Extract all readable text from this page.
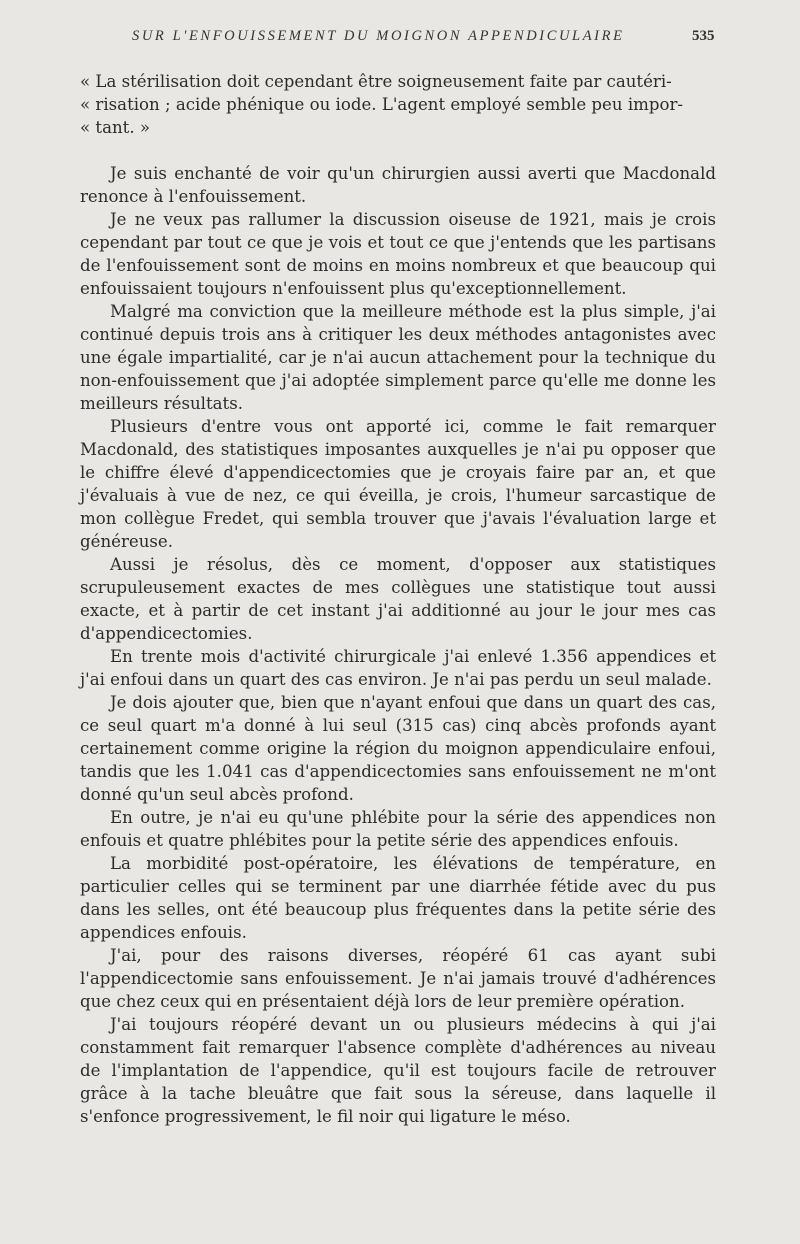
SUR L'ENFOUISSEMENT DU MOIGNON APPENDICULAIRE	535

« La stérilisation doit cependant être soigneusement faite par cautéri-
« risation ; acide phénique ou iode. L'agent employé semble peu impor-
« tant. »

Je suis enchanté de voir qu'un chirurgien aussi averti que Macdonald renonce à l'enfouissement.

Je ne veux pas rallumer la discussion oiseuse de 1921, mais je crois cependant par tout ce que je vois et tout ce que j'entends que les partisans de l'enfouissement sont de moins en moins nombreux et que beaucoup qui enfouissaient toujours n'enfouissent plus qu'exceptionnellement.

Malgré ma conviction que la meilleure méthode est la plus simple, j'ai continué depuis trois ans à critiquer les deux méthodes antagonistes avec une égale impartialité, car je n'ai aucun attachement pour la technique du non-enfouissement que j'ai adoptée simplement parce qu'elle me donne les meilleurs résultats.

Plusieurs d'entre vous ont apporté ici, comme le fait remarquer Macdonald, des statistiques imposantes auxquelles je n'ai pu opposer que le chiffre élevé d'appendicectomies que je croyais faire par an, et que j'évaluais à vue de nez, ce qui éveilla, je crois, l'humeur sarcastique de mon collègue Fredet, qui sembla trouver que j'avais l'évaluation large et généreuse.

Aussi je résolus, dès ce moment, d'opposer aux statistiques scrupuleusement exactes de mes collègues une statistique tout aussi exacte, et à partir de cet instant j'ai additionné au jour le jour mes cas d'appendicectomies.

En trente mois d'activité chirurgicale j'ai enlevé 1.356 appendices et j'ai enfoui dans un quart des cas environ. Je n'ai pas perdu un seul malade.

Je dois ajouter que, bien que n'ayant enfoui que dans un quart des cas, ce seul quart m'a donné à lui seul (315 cas) cinq abcès profonds ayant certainement comme origine la région du moignon appendiculaire enfoui, tandis que les 1.041 cas d'appendicectomies sans enfouissement ne m'ont donné qu'un seul abcès profond.

En outre, je n'ai eu qu'une phlébite pour la série des appendices non enfouis et quatre phlébites pour la petite série des appendices enfouis.

La morbidité post-opératoire, les élévations de température, en particulier celles qui se terminent par une diarrhée fétide avec du pus dans les selles, ont été beaucoup plus fréquentes dans la petite série des appendices enfouis.

J'ai, pour des raisons diverses, réopéré 61 cas ayant subi l'appendicectomie sans enfouissement. Je n'ai jamais trouvé d'adhérences que chez ceux qui en présentaient déjà lors de leur première opération.

J'ai toujours réopéré devant un ou plusieurs médecins à qui j'ai constamment fait remarquer l'absence complète d'adhérences au niveau de l'implantation de l'appendice, qu'il est toujours facile de retrouver grâce à la tache bleuâtre que fait sous la séreuse, dans laquelle il s'enfonce progressivement, le fil noir qui ligature le méso.
